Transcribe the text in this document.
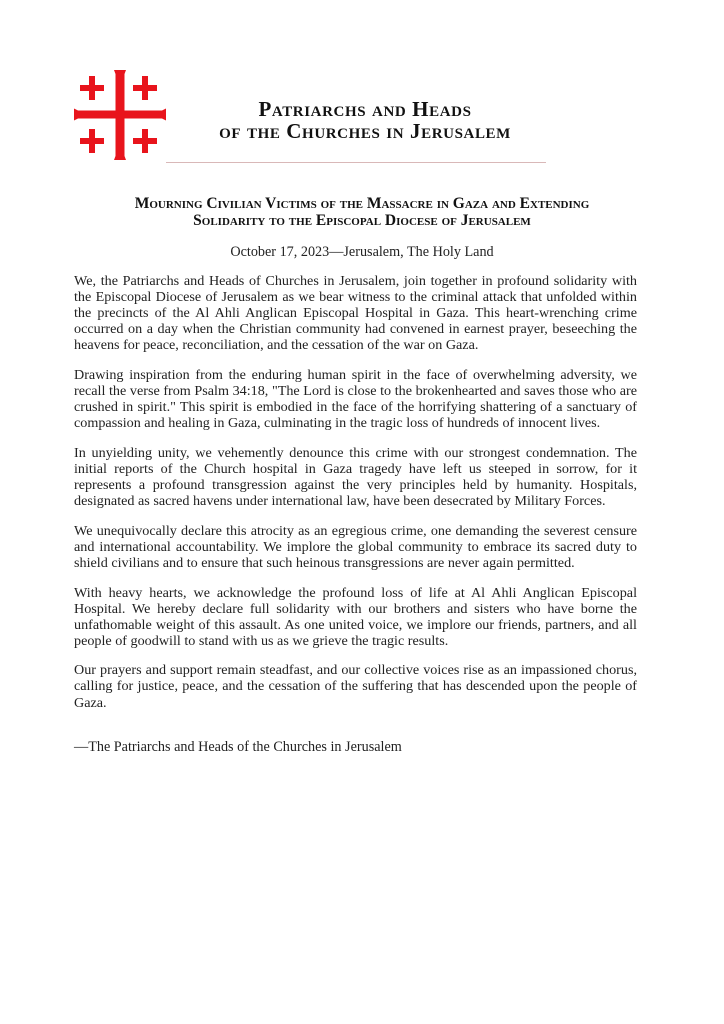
Patriarchs and Heads
of the Churches in Jerusalem
Mourning Civilian Victims of the Massacre in Gaza and Extending
Solidarity to the Episcopal Diocese of Jerusalem
October 17, 2023—Jerusalem, The Holy Land

We, the Patriarchs and Heads of Churches in Jerusalem, join together in profound solidarity with the Episcopal Diocese of Jerusalem as we bear witness to the criminal attack that unfolded within the precincts of the Al Ahli Anglican Episcopal Hospital in Gaza. This heart-wrenching crime occurred on a day when the Christian community had convened in earnest prayer, beseeching the heavens for peace, reconciliation, and the cessation of the war on Gaza.

Drawing inspiration from the enduring human spirit in the face of overwhelming adversity, we recall the verse from Psalm 34:18, "The Lord is close to the brokenhearted and saves those who are crushed in spirit." This spirit is embodied in the face of the horrifying shattering of a sanctuary of compassion and healing in Gaza, culminating in the tragic loss of hundreds of innocent lives.

In unyielding unity, we vehemently denounce this crime with our strongest condemnation. The initial reports of the Church hospital in Gaza tragedy have left us steeped in sorrow, for it represents a profound transgression against the very principles held by humanity. Hospitals, designated as sacred havens under international law, have been desecrated by Military Forces.

We unequivocally declare this atrocity as an egregious crime, one demanding the severest censure and international accountability. We implore the global community to embrace its sacred duty to shield civilians and to ensure that such heinous transgressions are never again permitted.

With heavy hearts, we acknowledge the profound loss of life at Al Ahli Anglican Episcopal Hospital. We hereby declare full solidarity with our brothers and sisters who have borne the unfathomable weight of this assault. As one united voice, we implore our friends, partners, and all people of goodwill to stand with us as we grieve the tragic results.

Our prayers and support remain steadfast, and our collective voices rise as an impassioned chorus, calling for justice, peace, and the cessation of the suffering that has descended upon the people of Gaza.

—The Patriarchs and Heads of the Churches in Jerusalem
